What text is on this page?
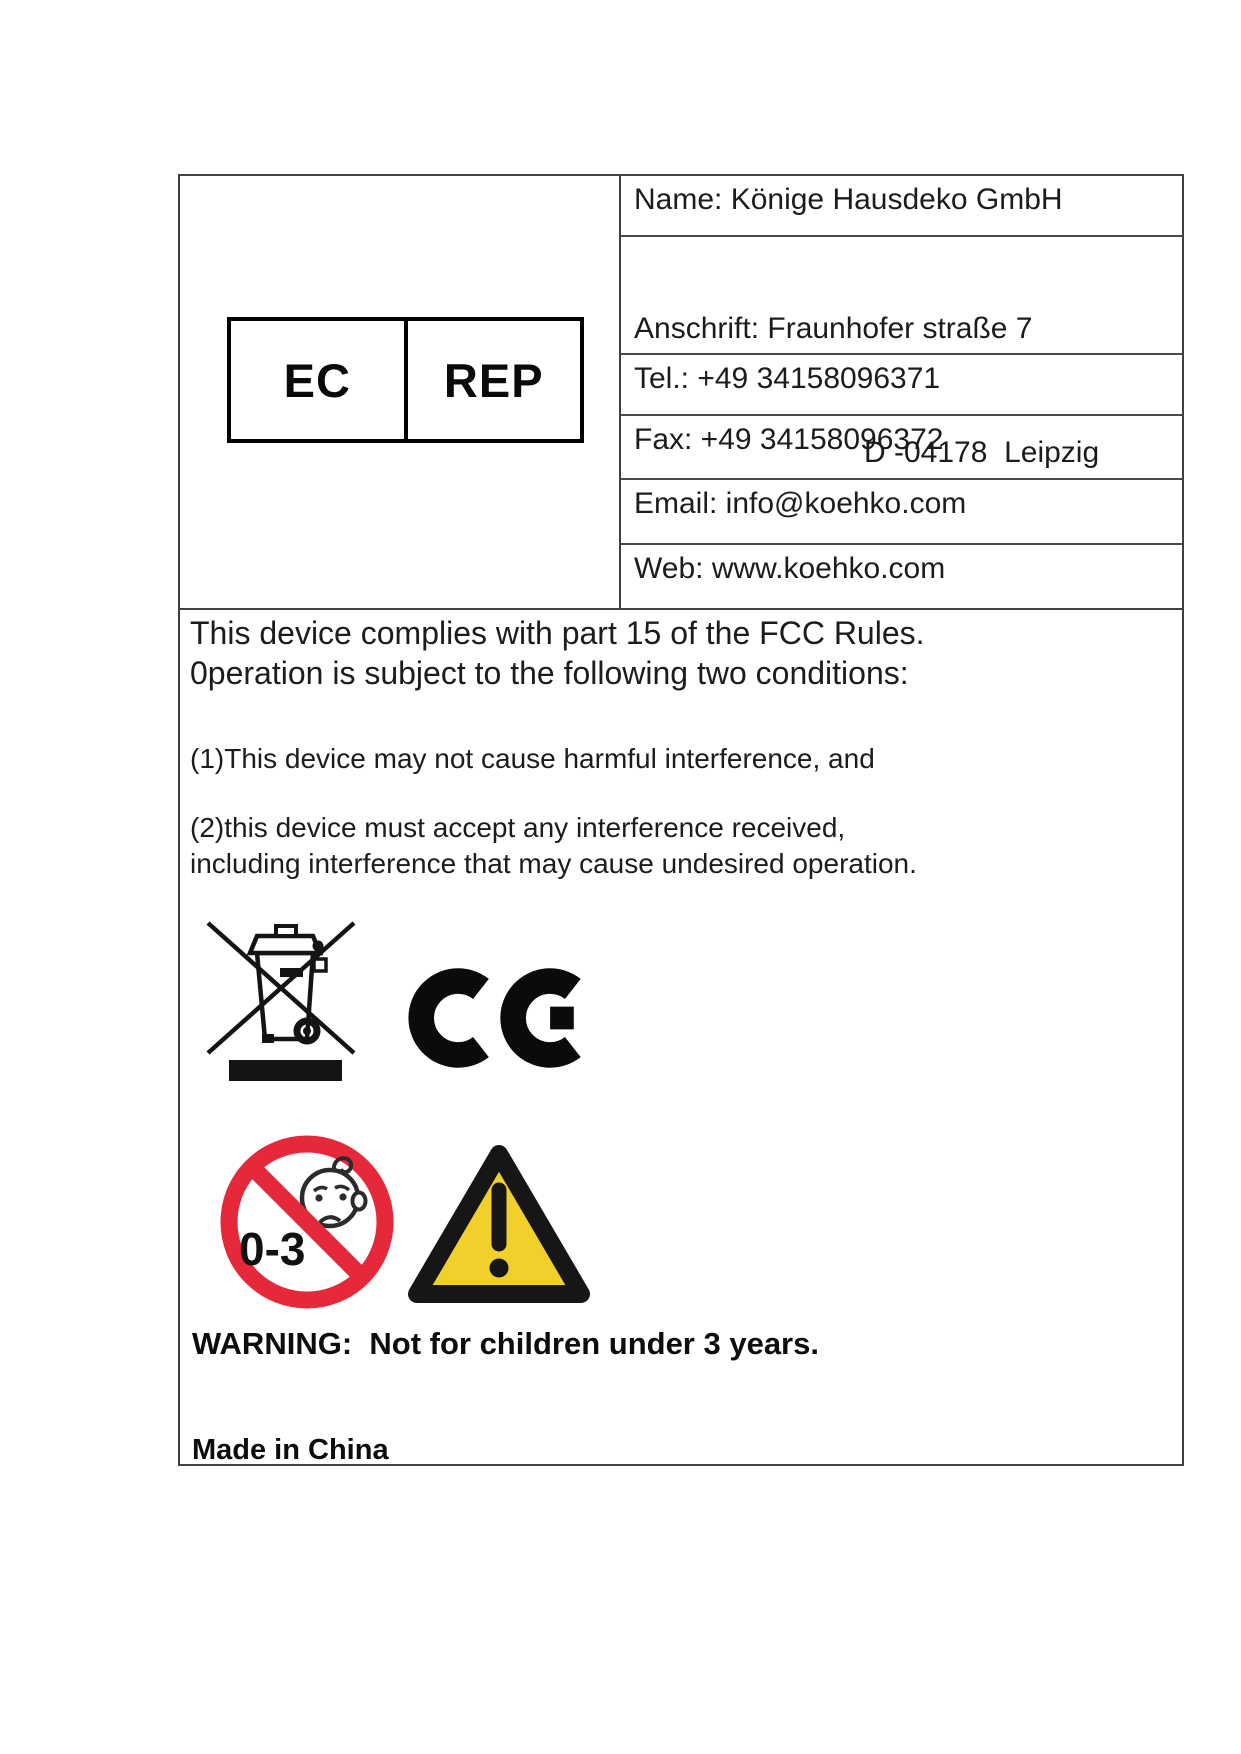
EC	REP
Name: Könige Hausdeko GmbH

Anschrift: Fraunhofer straße 7

D -04178  Leipzig

Tel.: +49 34158096371
Fax: +49 34158096372
Email: info@koehko.com
Web: www.koehko.com
This device complies with part 15 of the FCC Rules.
0peration is subject to the following two conditions:
(1)This device may not cause harmful interference, and
(2)this device must accept any interference received,
including interference that may cause undesired operation.
0-3
WARNING:  Not for children under 3 years.
Made in China
